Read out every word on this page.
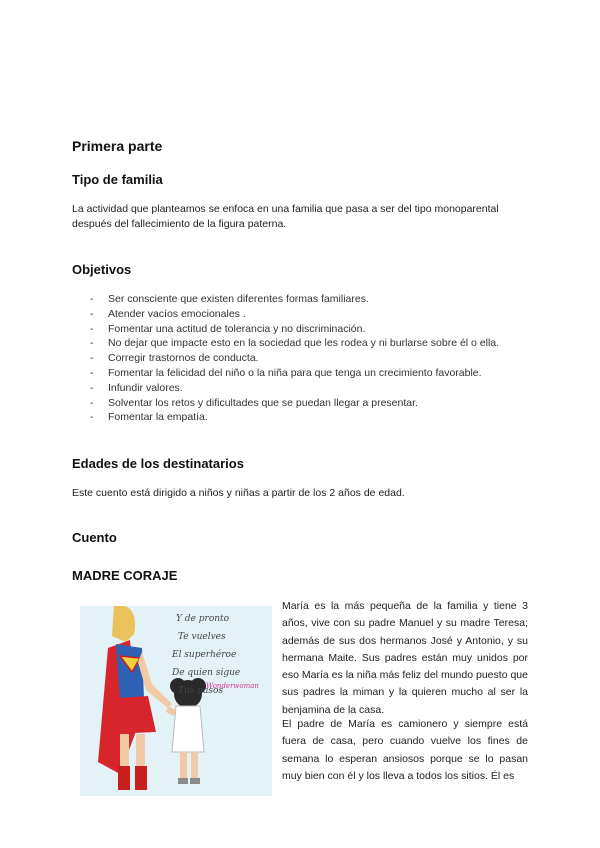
Primera parte
Tipo de familia

La actividad que planteamos se enfoca en una familia que pasa a ser del tipo monoparental después del fallecimiento de la figura paterna.

Objetivos
- Ser consciente que existen diferentes formas familiares.
- Atender vacíos emocionales .
- Fomentar una actitud de tolerancia y no discriminación.
- No dejar que impacte esto en la sociedad que les rodea y ni burlarse sobre él o ella.
- Corregir trastornos de conducta.
- Fomentar la felicidad del niño o la niña para que tenga un crecimiento favorable.
- Infundir valores.
- Solventar los retos y dificultades que se puedan llegar a presentar.
- Fomentar la empatía.
Edades de los destinatarios

Este cuento está dirigido a niños y niñas a partir de los 2 años de edad.

Cuento
MADRE CORAJE
Y de pronto
Te vuelves
El superhéroe
De quien sigue
Tus pasos
Wonderwoman

María es la más pequeña de la familia y tiene 3 años, vive con su padre Manuel y su madre Teresa; además de sus dos hermanos José y Antonio, y su hermana Maite. Sus padres están muy unidos por eso María es la niña más feliz del mundo puesto que sus padres la miman y la quieren mucho al ser la benjamina de la casa.

El padre de María es camionero y siempre está fuera de casa, pero cuando vuelve los fines de semana lo esperan ansiosos porque se lo pasan muy bien con él y los lleva a todos los sitios. Él es
